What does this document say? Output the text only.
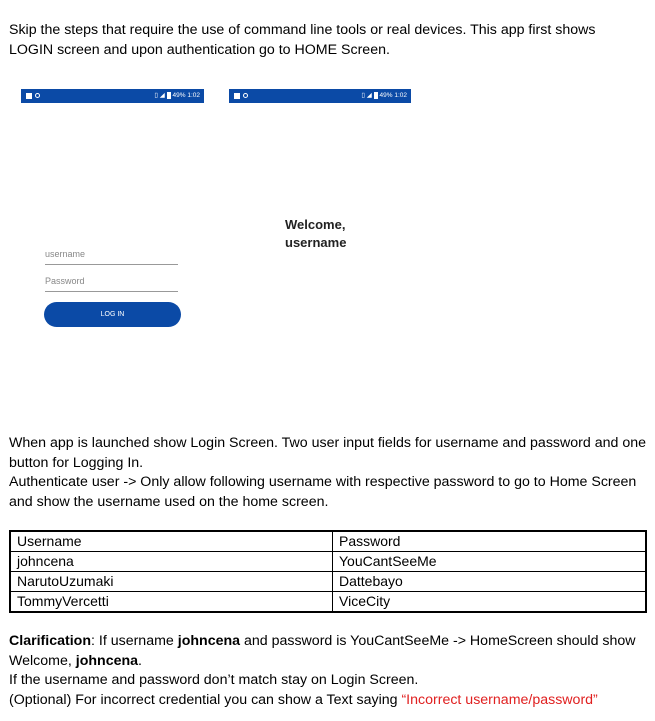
Skip the steps that require the use of command line tools or real devices. This app first shows LOGIN screen and upon authentication go to HOME Screen.
▯ ◢ 49% 1:02
username
Password
LOG IN
▯ ◢ 49% 1:02
Welcome,
username
When app is launched show Login Screen. Two user input fields for username and password and one button for Logging In.
Authenticate user -> Only allow following username with respective password to go to Home Screen and show the username used on the home screen.
Username	Password
johncena	YouCantSeeMe
NarutoUzumaki	Dattebayo
TommyVercetti	ViceCity
Clarification: If username johncena and password is YouCantSeeMe -> HomeScreen should show Welcome, johncena.
If the username and password don’t match stay on Login Screen.
(Optional) For incorrect credential you can show a Text saying “Incorrect username/password”
